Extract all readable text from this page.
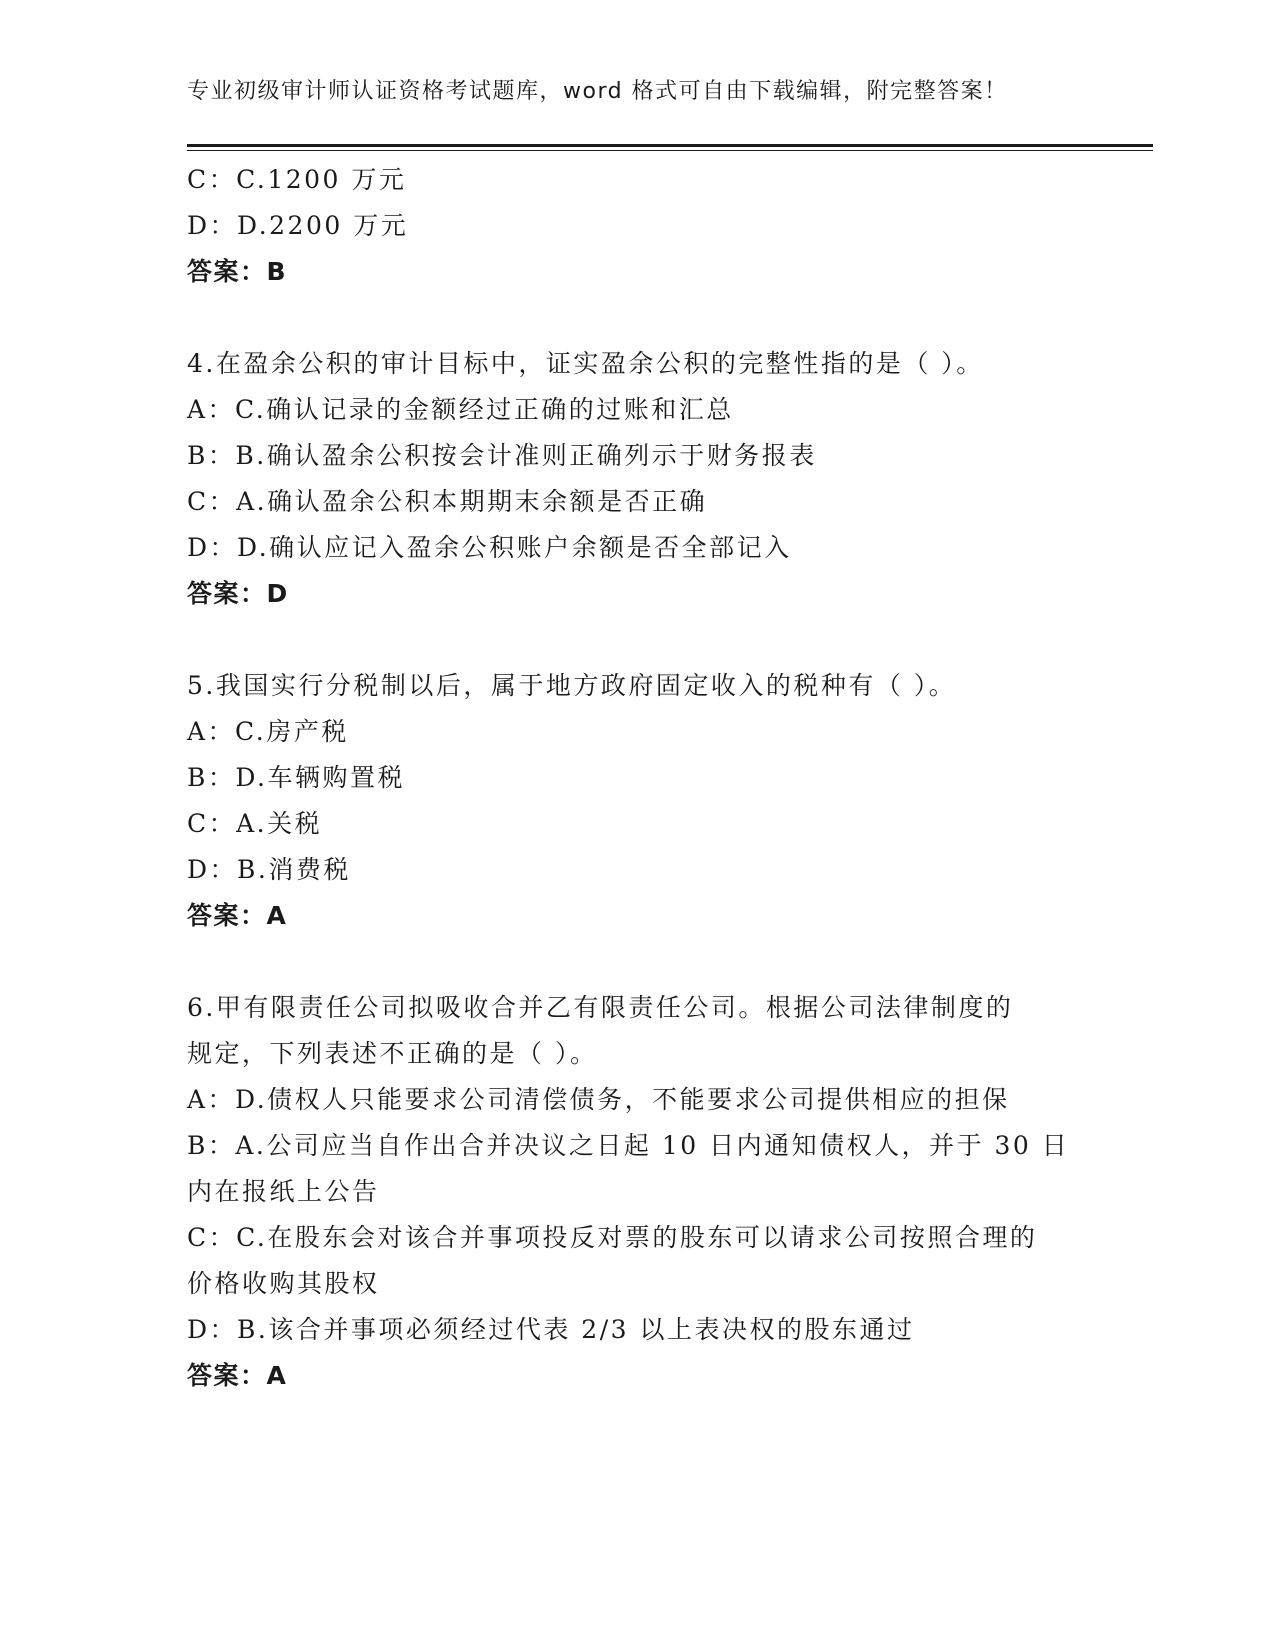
专业初级审计师认证资格考试题库，word 格式可自由下载编辑，附完整答案！
C：C.1200 万元
D：D.2200 万元
答案：B
4.在盈余公积的审计目标中，证实盈余公积的完整性指的是（ ）。
A：C.确认记录的金额经过正确的过账和汇总
B：B.确认盈余公积按会计准则正确列示于财务报表
C：A.确认盈余公积本期期末余额是否正确
D：D.确认应记入盈余公积账户余额是否全部记入
答案：D
5.我国实行分税制以后，属于地方政府固定收入的税种有（ ）。
A：C.房产税
B：D.车辆购置税
C：A.关税
D：B.消费税
答案：A
6.甲有限责任公司拟吸收合并乙有限责任公司。根据公司法律制度的
规定，下列表述不正确的是（ ）。
A：D.债权人只能要求公司清偿债务，不能要求公司提供相应的担保
B：A.公司应当自作出合并决议之日起 10 日内通知债权人，并于 30 日
内在报纸上公告
C：C.在股东会对该合并事项投反对票的股东可以请求公司按照合理的
价格收购其股权
D：B.该合并事项必须经过代表 2/3 以上表决权的股东通过
答案：A
